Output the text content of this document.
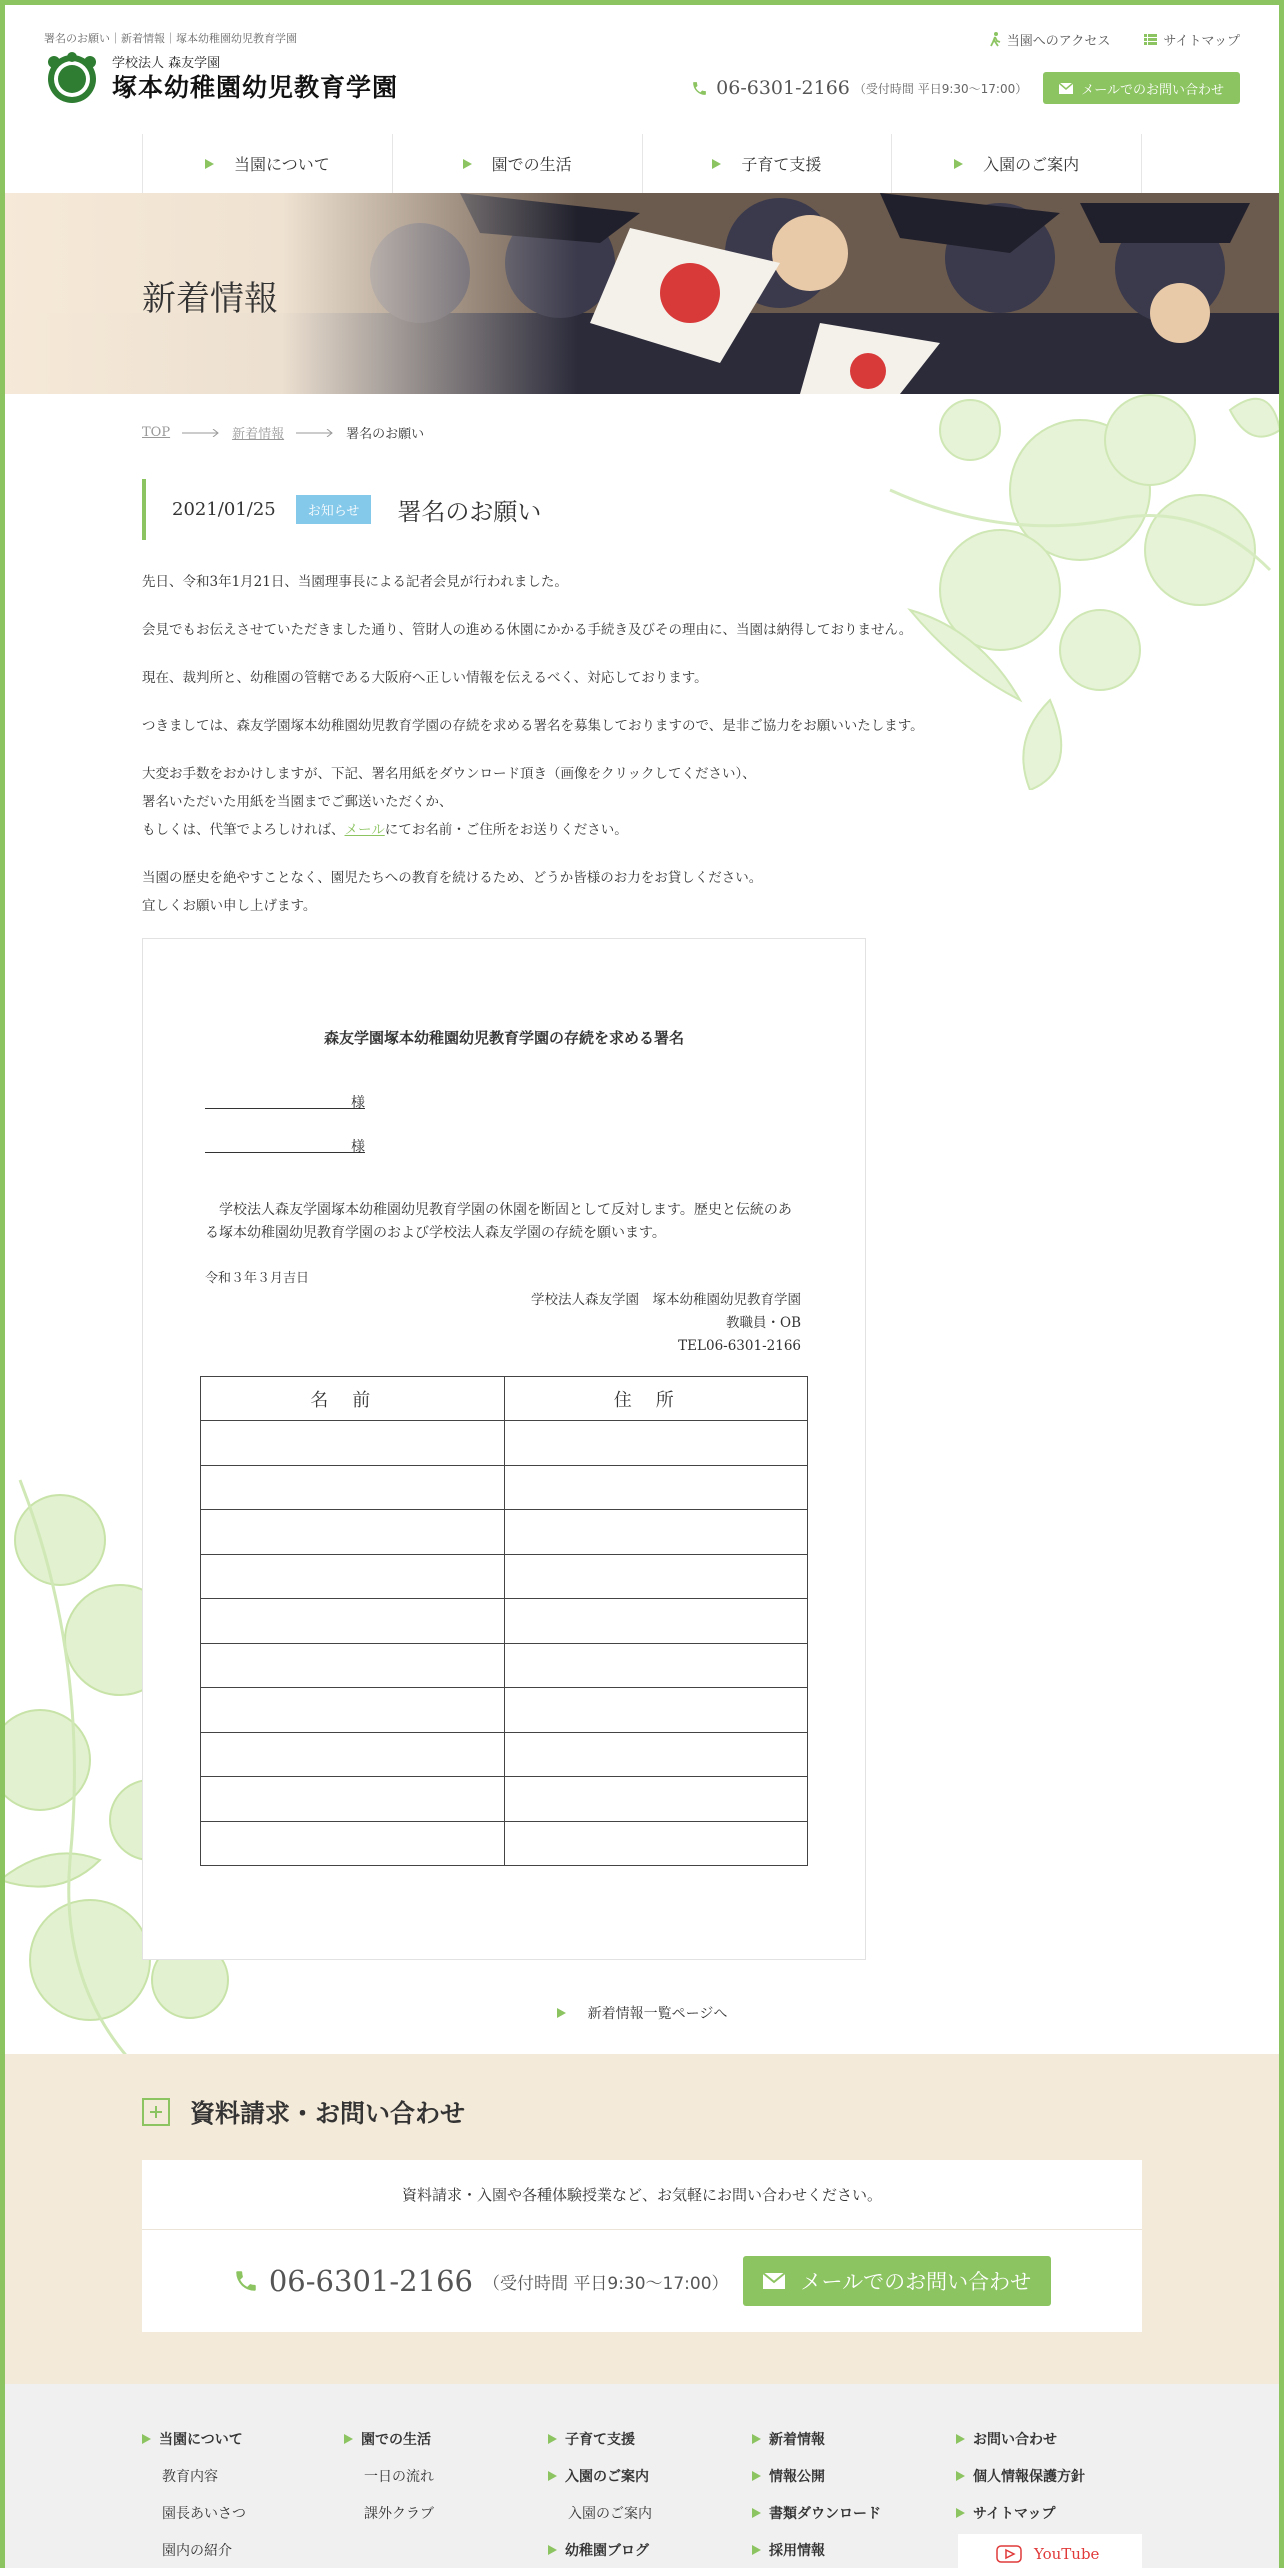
署名のお願い｜新着情報｜塚本幼稚園幼児教育学園
学校法人 森友学園
塚本幼稚園幼児教育学園
当園へのアクセス	サイトマップ
06-6301-2166 （受付時間 平日9:30〜17:00）	メールでのお問い合わせ
当園について	園での生活	子育て支援	入園のご案内
新着情報
TOP	新着情報	署名のお願い
2021/01/25	お知らせ	署名のお願い

先日、令和3年1月21日、当園理事長による記者会見が行われました。

会見でもお伝えさせていただきました通り、管財人の進める休園にかかる手続き及びその理由に、当園は納得しておりません。

現在、裁判所と、幼稚園の管轄である大阪府へ正しい情報を伝えるべく、対応しております。

つきましては、森友学園塚本幼稚園幼児教育学園の存続を求める署名を募集しておりますので、是非ご協力をお願いいたします。

大変お手数をおかけしますが、下記、署名用紙をダウンロード頂き（画像をクリックしてください）、
署名いただいた用紙を当園までご郵送いただくか、
もしくは、代筆でよろしければ、メールにてお名前・ご住所をお送りください。

当園の歴史を絶やすことなく、園児たちへの教育を続けるため、どうか皆様のお力をお貸しください。
宜しくお願い申し上げます。

森友学園塚本幼稚園幼児教育学園の存続を求める署名
様
様
学校法人森友学園塚本幼稚園幼児教育学園の休園を断固として反対します。歴史と伝統のある塚本幼稚園幼児教育学園のおよび学校法人森友学園の存続を願います。
令和３年３月吉日
学校法人森友学園　塚本幼稚園幼児教育学園
教職員・OB
TEL06-6301-2166
名前	住所

新着情報一覧ページへ
資料請求・お問い合わせ
資料請求・入園や各種体験授業など、お気軽にお問い合わせください。
06-6301-2166 （受付時間 平日9:30〜17:00）	メールでのお問い合わせ
当園について
教育内容
園長あいさつ
園内の紹介
園での生活
一日の流れ
課外クラブ
子育て支援
入園のご案内
入園のご案内
幼稚園ブログ
新着情報
情報公開
書類ダウンロード
採用情報
お問い合わせ
個人情報保護方針
サイトマップ
YouTube
